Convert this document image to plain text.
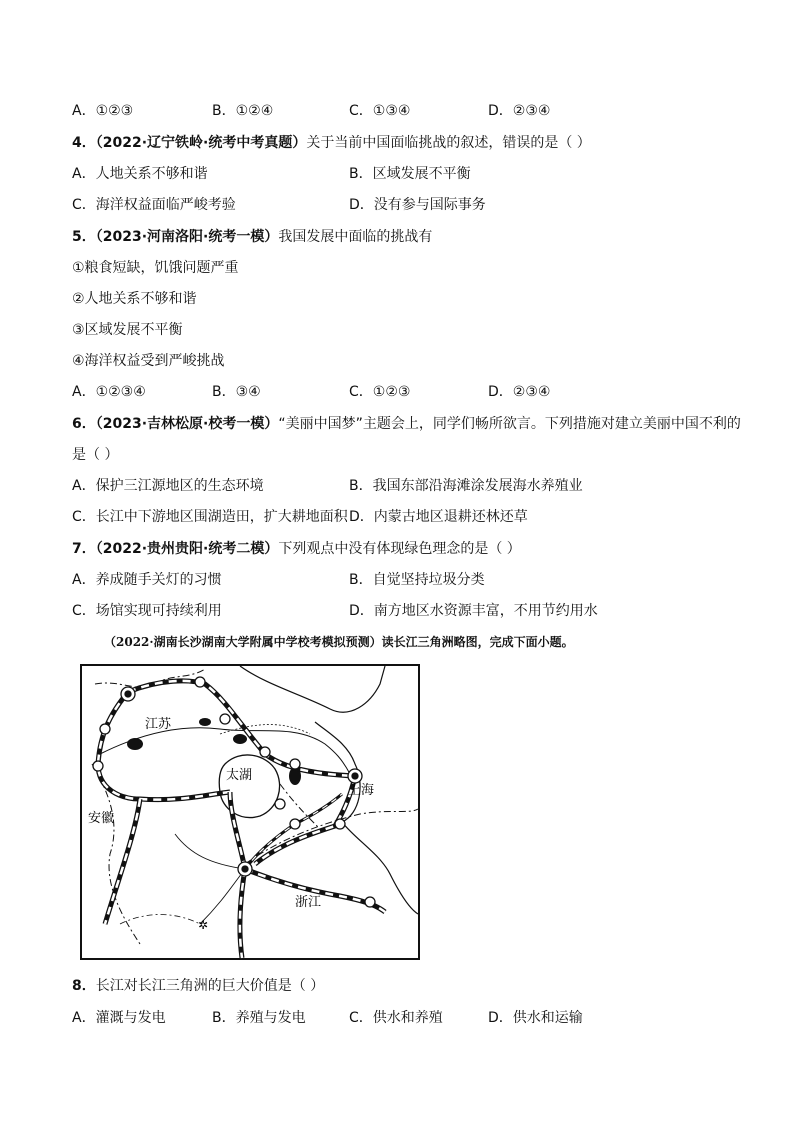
A．①②③	B．①②④	C．①③④	D．②③④
4．（2022·辽宁铁岭·统考中考真题）关于当前中国面临挑战的叙述，错误的是（ ）
A．人地关系不够和谐	B．区域发展不平衡
C．海洋权益面临严峻考验	D．没有参与国际事务
5．（2023·河南洛阳·统考一模）我国发展中面临的挑战有
①粮食短缺，饥饿问题严重
②人地关系不够和谐
③区域发展不平衡
④海洋权益受到严峻挑战
A．①②③④	B．③④	C．①②③	D．②③④
6．（2023·吉林松原·校考一模）“美丽中国梦”主题会上，同学们畅所欲言。下列措施对建立美丽中国不利的
是（ ）
A．保护三江源地区的生态环境	B．我国东部沿海滩涂发展海水养殖业
C．长江中下游地区围湖造田，扩大耕地面积 D．内蒙古地区退耕还林还草
7．（2022·贵州贵阳·统考二模）下列观点中没有体现绿色理念的是（ ）
A．养成随手关灯的习惯	B．自觉坚持垃圾分类
C．场馆实现可持续利用	D．南方地区水资源丰富，不用节约用水
（2022·湖南长沙湖南大学附属中学校考模拟预测）读长江三角洲略图，完成下面小题。
✲
江苏
太湖
上海
安徽
浙江
8．长江对长江三角洲的巨大价值是（ ）
A．灌溉与发电	B．养殖与发电	C．供水和养殖	D．供水和运输
